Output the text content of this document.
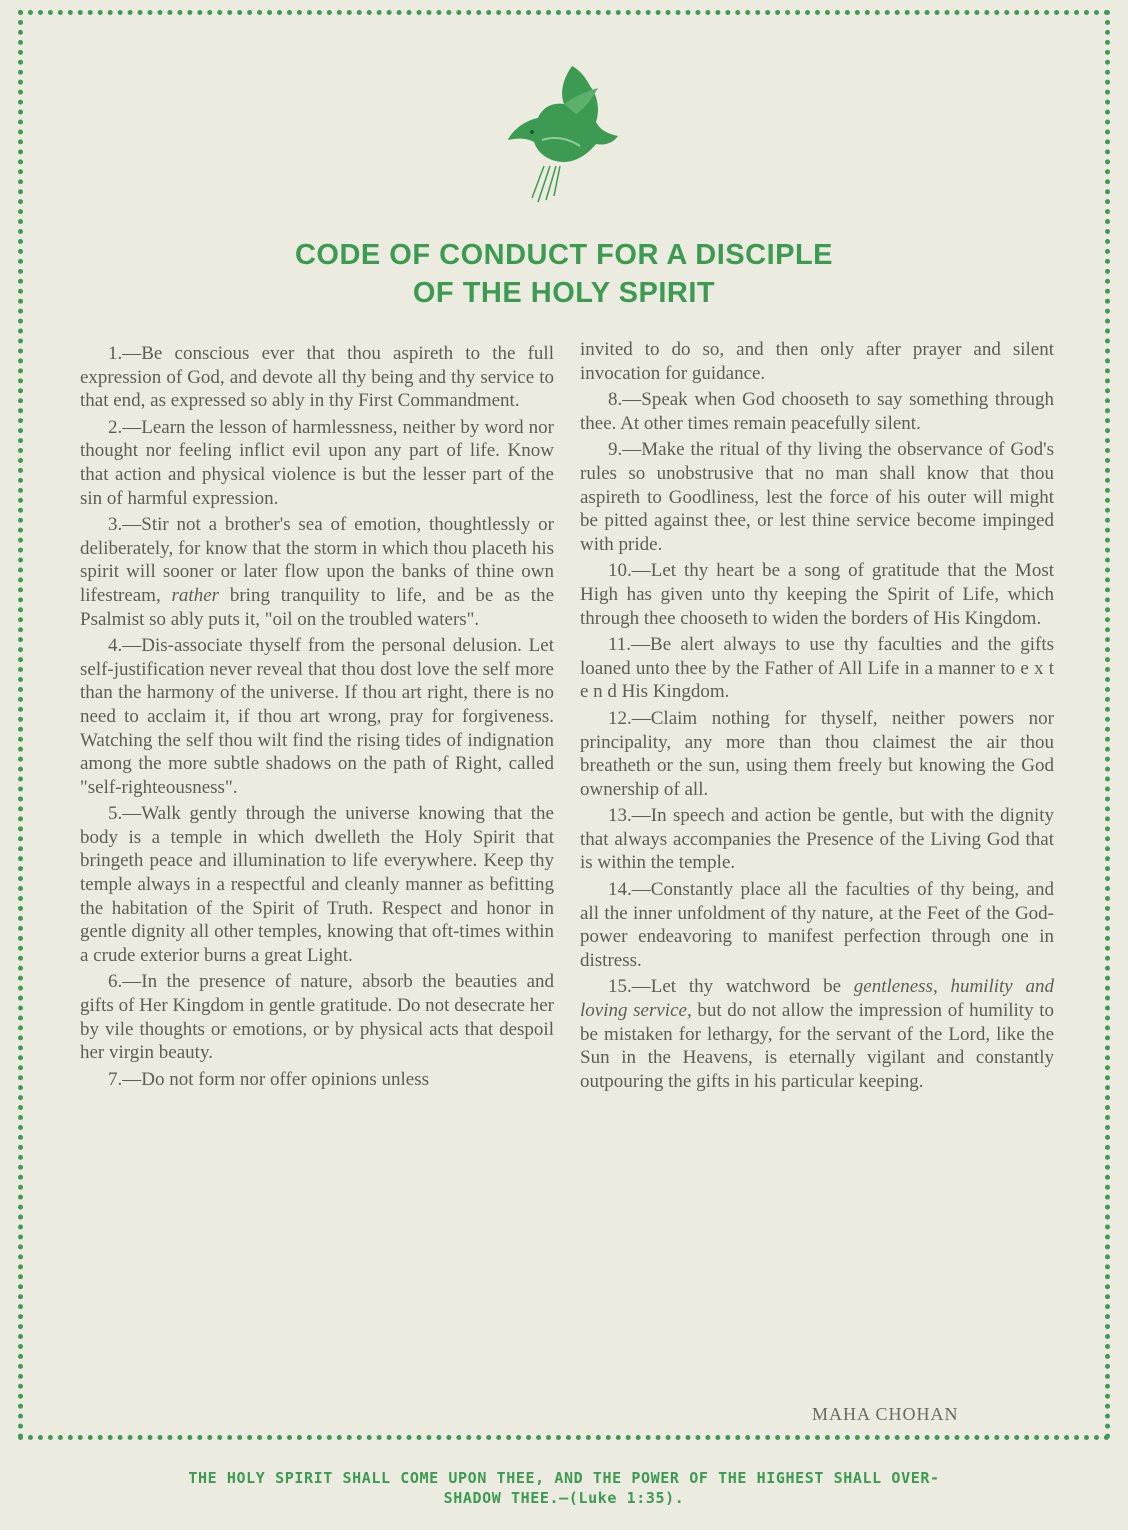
CODE OF CONDUCT FOR A DISCIPLE
OF THE HOLY SPIRIT

1.—Be conscious ever that thou aspireth to the full expression of God, and devote all thy being and thy service to that end, as expressed so ably in thy First Commandment.

2.—Learn the lesson of harmlessness, neither by word nor thought nor feeling inflict evil upon any part of life. Know that action and physical violence is but the lesser part of the sin of harmful expression.

3.—Stir not a brother's sea of emotion, thoughtlessly or deliberately, for know that the storm in which thou placeth his spirit will sooner or later flow upon the banks of thine own lifestream, rather bring tranquility to life, and be as the Psalmist so ably puts it, "oil on the troubled waters".

4.—Dis-associate thyself from the personal delusion. Let self-justification never reveal that thou dost love the self more than the harmony of the universe. If thou art right, there is no need to acclaim it, if thou art wrong, pray for forgiveness. Watching the self thou wilt find the rising tides of indignation among the more subtle shadows on the path of Right, called "self-righteousness".

5.—Walk gently through the universe knowing that the body is a temple in which dwelleth the Holy Spirit that bringeth peace and illumination to life everywhere. Keep thy temple always in a respectful and cleanly manner as befitting the habitation of the Spirit of Truth. Respect and honor in gentle dignity all other temples, knowing that oft-times within a crude exterior burns a great Light.

6.—In the presence of nature, absorb the beauties and gifts of Her Kingdom in gentle gratitude. Do not desecrate her by vile thoughts or emotions, or by physical acts that despoil her virgin beauty.

7.—Do not form nor offer opinions unless

invited to do so, and then only after prayer and silent invocation for guidance.

8.—Speak when God chooseth to say something through thee. At other times remain peacefully silent.

9.—Make the ritual of thy living the observance of God's rules so unobstrusive that no man shall know that thou aspireth to Goodliness, lest the force of his outer will might be pitted against thee, or lest thine service become impinged with pride.

10.—Let thy heart be a song of gratitude that the Most High has given unto thy keeping the Spirit of Life, which through thee chooseth to widen the borders of His Kingdom.

11.—Be alert always to use thy faculties and the gifts loaned unto thee by the Father of All Life in a manner to e x t e n d His Kingdom.

12.—Claim nothing for thyself, neither powers nor principality, any more than thou claimest the air thou breatheth or the sun, using them freely but knowing the God ownership of all.

13.—In speech and action be gentle, but with the dignity that always accompanies the Presence of the Living God that is within the temple.

14.—Constantly place all the faculties of thy being, and all the inner unfoldment of thy nature, at the Feet of the God-power endeavoring to manifest perfection through one in distress.

15.—Let thy watchword be gentleness, humility and loving service, but do not allow the impression of humility to be mistaken for lethargy, for the servant of the Lord, like the Sun in the Heavens, is eternally vigilant and constantly outpouring the gifts in his particular keeping.

MAHA CHOHAN
THE HOLY SPIRIT SHALL COME UPON THEE, AND THE POWER OF THE HIGHEST SHALL OVER-
SHADOW THEE.—(Luke 1:35).
